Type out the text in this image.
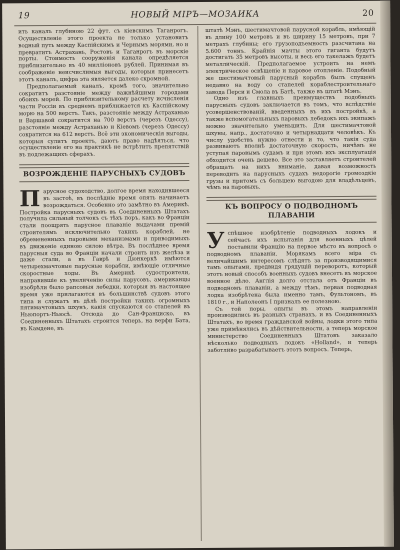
19	НОВЫЙ МІРЪ—МОЗАИКА	20

ить каналъ глубиною 22 фут. съ кіевскимъ Таганрогъ. Осуществленіе этого проекта не только установитъ водный путь между Каспійскимъ и Чернымъ морями, но и превратитъ Астрахань, Ростовъ и Таганрогъ въ морскіе порты. Стоимость сооруженія канала опредѣляется приблизительно въ 40 милліоновъ рублей. Принимая въ соображеніе неисчислимыя выгоды, которыя принесетъ этотъ каналъ, цифра эта является далеко скромной.

Предполагаемый каналъ, кромѣ того, значительно сократитъ разстояніе между важнѣйшими городами обоихъ морей. По приблизительному расчету исчисленія части Россіи въ среднемъ приближается къ Каспійскому морю на 500 верстъ. Такъ, разстояніе между Астраханью и Варшавой сократится на 700 верстъ (черезъ Одессу), разстояніе между Астраханью и Кіевомъ (черезъ Одессу) сократится на 612 верстъ. Всё эти экономическія выгоды, которыя сулитъ проектъ, даютъ право надѣяться, что осуществленіе его на практикѣ не встрѣтитъ препятствій въ подлежащихъ сферахъ.

ВОЗРОЖДЕНІЕ ПАРУСНЫХЪ СУДОВЪ

Парусное судоходство, долгое время находившееся въ застоѣ, въ послѣдніе время опять начинаетъ возрождаться. Особенно это замѣтно въ Америкѣ. Постройка парусныхъ судовъ въ Соединенныхъ Штатахъ получила сильный толчокъ съ тѣхъ поръ, какъ во Франціи стали поощрять парусное плаваніе выдачами премій строителямъ исключительно такихъ кораблей, не обремененныхъ паровыми механизмами и приводимыхъ въ движеніе единою силою вѣтра. Въ послѣднее время парусныя суда во Франціи начали строить изъ желѣза и даже стали, а въ Гаврѣ и Дюнкеркѣ имѣются четырехмачтовые паруcные корабли, имѣющіе отличные скоростные ходы. Въ Америкѣ судостроители, направившіе къ увеличенію силы парусовъ, американцы изобрѣли было рапсовыя лебедки, которыя въ настоящее время уже прилагаются въ большинствѣ судовъ этого типа и служатъ въ дѣлѣ постройки такихъ огромныхъ пятимачтовыхъ шхунъ, какія спускаются со стапелей въ Ньюпортъ-Ньюсѣ. Отсюда до Сан-Франциско, въ Соединенныхъ Штатахъ строится теперь, на верфи Бата, въ Камдене, въ

штатѣ Мэнъ, шестимачтовой парусной корабль, имѣющій въ длину 100 метровъ и въ ширину 15 метровъ, при 7 метрахъ глубины; его грузоподъемность разсчитана на 5.600 тоннъ. Крайнія мачты этого гиганта будутъ достигать 35 метровъ высоты, и весь его такелажъ будетъ металлическій. Предполагаемое устроить на немъ электрическое освѣщеніе и паровое отопленіе. Подобный же шестимачтовый парусный корабль былъ спущенъ недавно на воду со стапелей кораблестроительнаго завода Перси и Смола въ Батѣ, также въ штатѣ Мэнъ.

Одно изъ главныхъ преимуществъ подобныхъ парусныхъ судовъ заключается въ томъ, что вслѣдствіе усовершенствованій, введенныхъ въ ихъ постройкѣ, а также вспомогательныхъ паровыхъ лебедокъ ихъ экипажъ можно значительно уменьшить. Для шестимачтовой шхуны, напр., достаточно и четырнадцати человѣкъ. Къ числу удобствъ нужно отнести и то, что такія суда развиваютъ вполнѣ достаточную скорость, ничѣмъ не уступая паровымъ судамъ и при этомъ ихъ эксплуатація обходится очень дешево. Все это заставляетъ строителей обращать на нихъ вниманіе, давая возможность переводить на парусныхъ судахъ недорогіе громоздкіе грузы и притомъ съ большею выгодою для владѣльцевъ, чѣмъ на паровыхъ.

КЪ ВОПРОСУ О ПОДВОДНОМЪ ПЛАВАНІИ

Успѣшное изобрѣтеніе подводныхъ лодокъ и сейчасъ ихъ испытанія для военныхъ цѣлей поставили Францію на первое мѣсто въ вопросѣ о подводномъ плаваніи. Морякамъ всего міра съ величайшимъ интересомъ слѣдятъ за производящимися тамъ опытами, предвидя грядущій переворотъ, который этотъ новый способъ военныхъ судовъ внесетъ въ морское военное дѣло. Англія долго отстала отъ Франціи въ подводномъ плаваніи, а между тѣмъ, первая подводная лодка изобрѣтена была именно тамъ, Фультономъ, въ 1810 г., и Наполеонъ I призналъ ее полезною.

Съ той поры, опыты въ этомъ направленіи производились въ разныхъ странахъ, и въ Соединенныхъ Штатахъ, во время гражданской войны, лодки этого типа уже примѣнялись въ дѣйствительности, а теперь морское министерство Соединенныхъ Штатовъ заказало нѣсколько подводныхъ лодокъ «Holland», и теперь заботливо разрабатываетъ этотъ вопросъ. Теперь,
